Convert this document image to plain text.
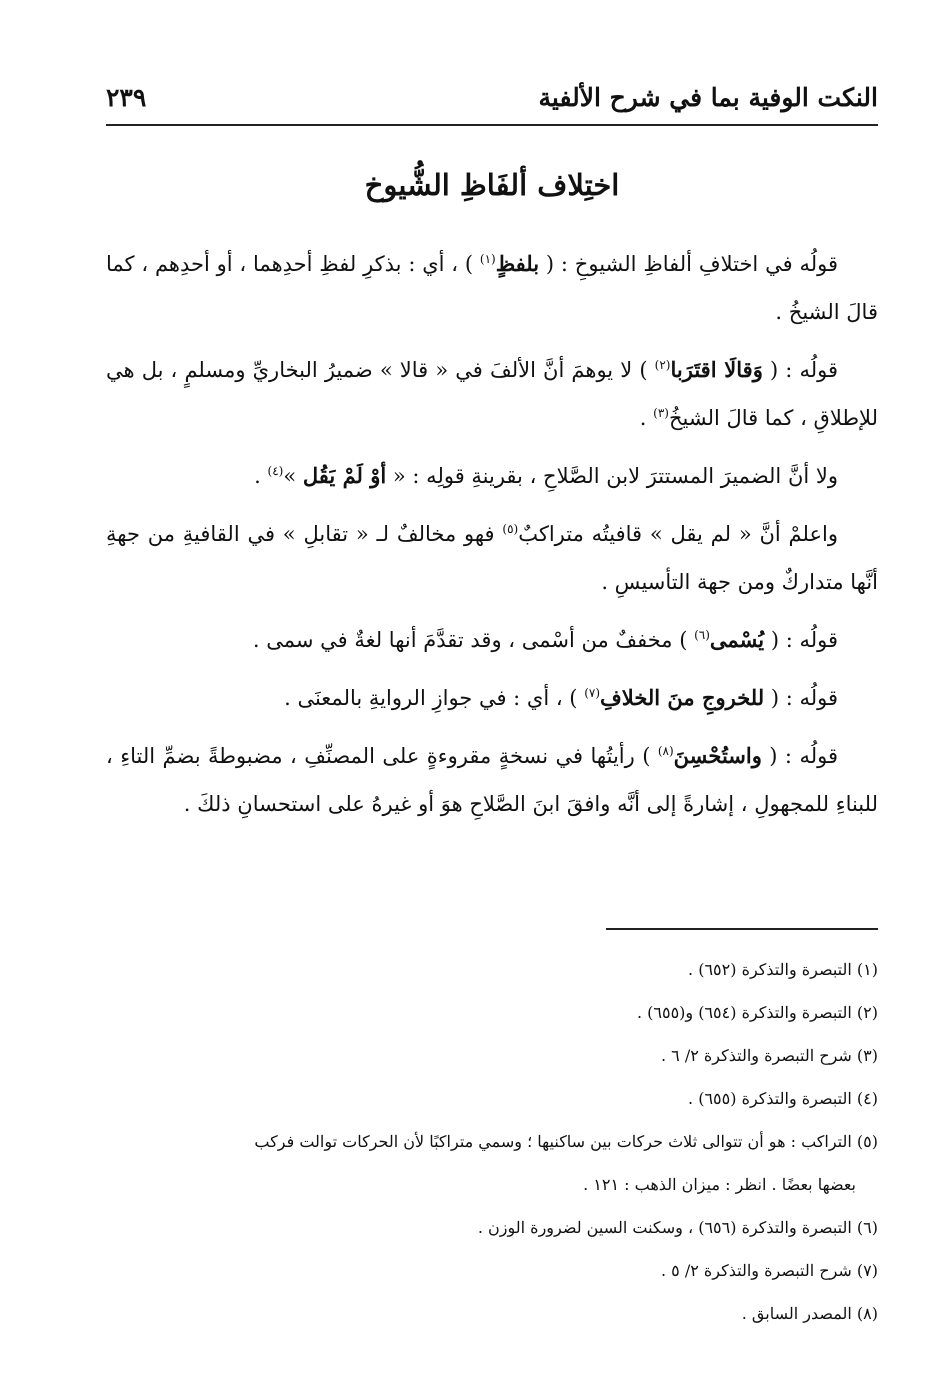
النكت الوفية بما في شرح الألفية
٢٣٩
اختِلاف ألفَاظِ الشُّيوخ

قولُه في اختلافِ ألفاظِ الشيوخِ : ( بلفظٍ$^{(١)}$ ) ، أي : بذكرِ لفظِ أحدِهما ، أو أحدِهم ، كما قالَ الشيخُ .

قولُه : ( وَقالَا اقتَرَبا$^{(٢)}$ ) لا يوهمَ أنَّ الألفَ في « قالا » ضميرُ البخاريِّ ومسلمٍ ، بل هي للإطلاقِ ، كما قالَ الشيخُ$^{(٣)}$ .

ولا أنَّ الضميرَ المستترَ لابن الصَّلاحِ ، بقرينةِ قولِه : « أوْ لَمْ يَقُل »$^{(٤)}$ .

واعلمْ أنَّ « لم يقل » قافيتُه متراكبٌ$^{(٥)}$ فهو مخالفٌ لـ « تقابلِ » في القافيةِ من جهةِ أنَّها متداركٌ ومن جهة التأسيسِ .

قولُه : ( يُسْمى$^{(٦)}$ ) مخففٌ من أسْمى ، وقد تقدَّمَ أنها لغةٌ في سمى .

قولُه : ( للخروجِ منَ الخلافِ$^{(٧)}$ ) ، أي : في جوازِ الروايةِ بالمعنَى .

قولُه : ( واستُحْسِنَ$^{(٨)}$ ) رأيتُها في نسخةٍ مقروءةٍ على المصنِّفِ ، مضبوطةً بضمِّ التاءِ ، للبناءِ للمجهولِ ، إشارةً إلى أنَّه وافقَ ابنَ الصَّلاحِ هوَ أو غيرهُ على استحسانِ ذلكَ .

(١) التبصرة والتذكرة (٦٥٢) .

(٢) التبصرة والتذكرة (٦٥٤) و(٦٥٥) .

(٣) شرح التبصرة والتذكرة ٢/ ٦ .

(٤) التبصرة والتذكرة (٦٥٥) .

(٥) التراكب : هو أن تتوالى ثلاث حركات بين ساكنيها ؛ وسمي متراكبًا لأن الحركات توالت فركب

بعضها بعضًا . انظر : ميزان الذهب : ١٢١ .

(٦) التبصرة والتذكرة (٦٥٦) ، وسكنت السين لضرورة الوزن .

(٧) شرح التبصرة والتذكرة ٢/ ٥ .

(٨) المصدر السابق .
